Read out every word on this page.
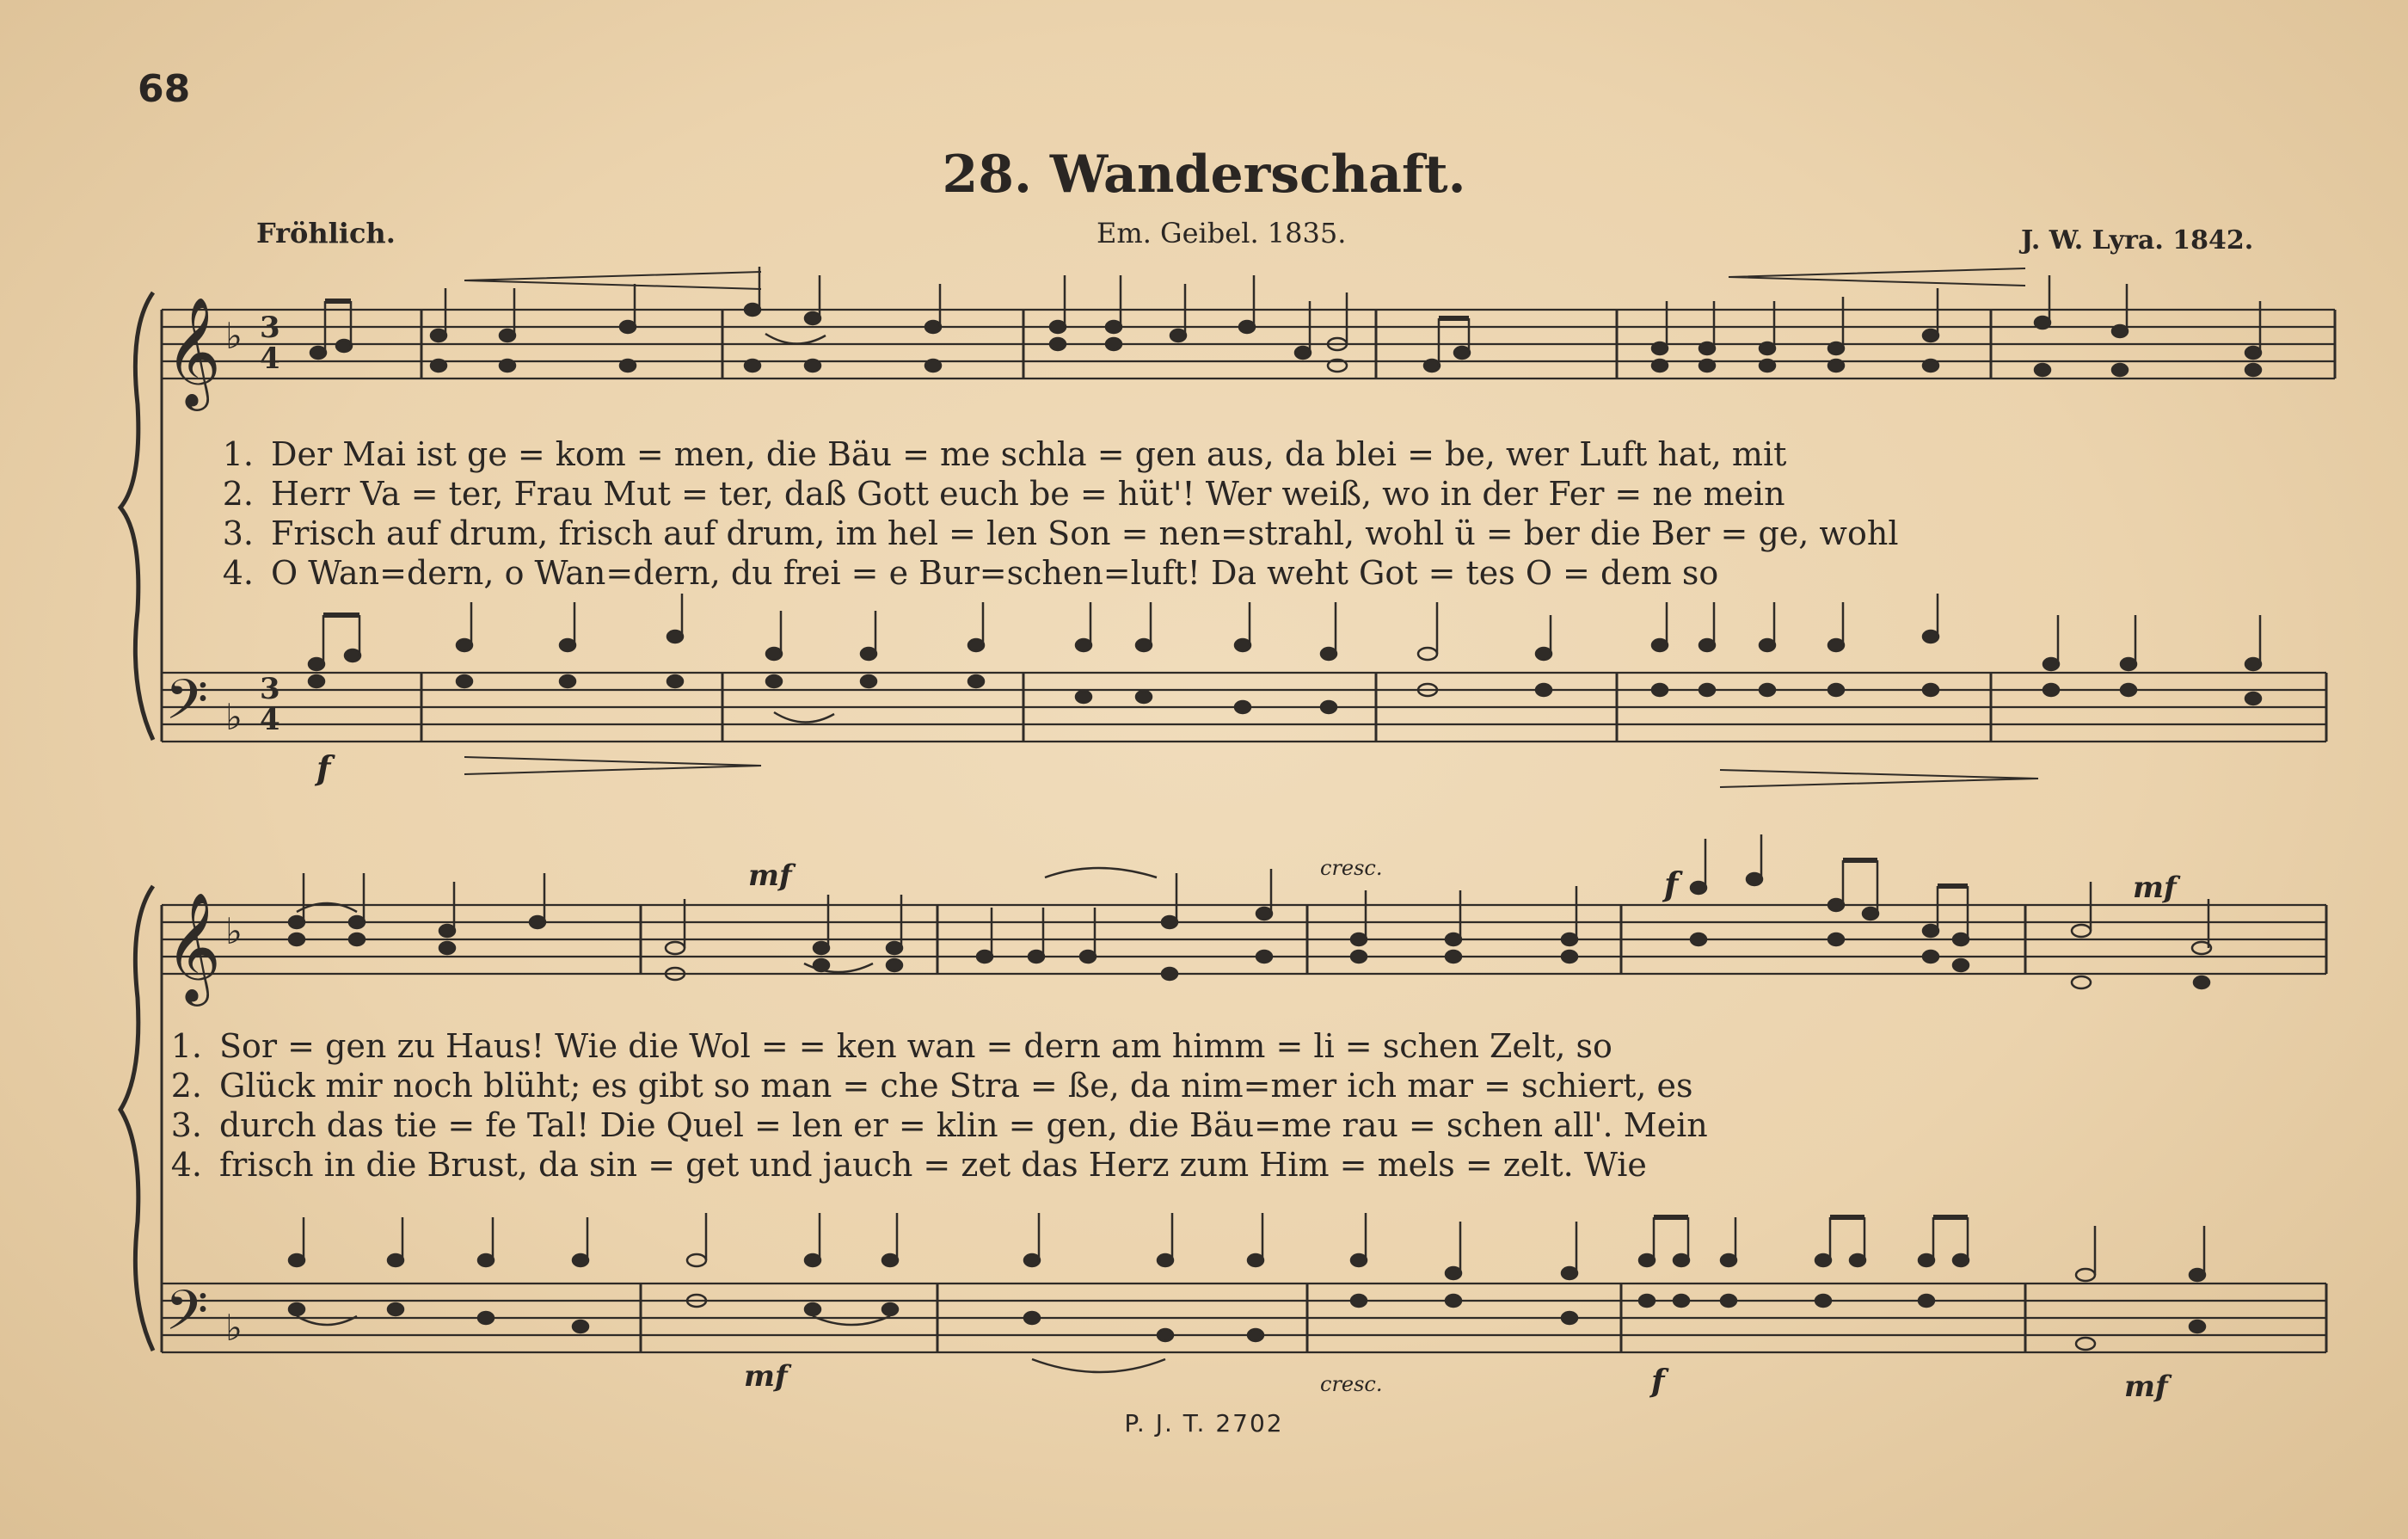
68
28. Wanderschaft.
Fröhlich.	Em. Geibel. 1835.	J. W. Lyra. 1842.
𝄞 ♭ 3
4
𝄢 ♭
3
4
𝄞 ♭
𝄢 ♭
f
mf	cresc.	f	mf
mf	cresc.	f	mf
1. Der Mai ist ge = kom = men, die Bäu = me schla = gen aus, da blei = be, wer Luft hat, mit
2. Herr Va = ter, Frau Mut = ter, daß Gott euch be = hüt'! Wer weiß, wo in der Fer = ne mein
3. Frisch auf drum, frisch auf drum, im hel = len Son = nen=strahl, wohl ü = ber die Ber = ge, wohl
4. O Wan=dern, o Wan=dern, du frei = e Bur=schen=luft! Da weht Got = tes O = dem so
1. Sor = gen zu Haus! Wie die Wol = = ken wan = dern am himm = li = schen Zelt, so
2. Glück mir noch blüht; es gibt so man = che Stra = ße, da nim=mer ich mar = schiert, es
3. durch das tie = fe Tal! Die Quel = len er = klin = gen, die Bäu=me rau = schen all'. Mein
4. frisch in die Brust, da sin = get und jauch = zet das Herz zum Him = mels = zelt. Wie
P. J. T. 2702
